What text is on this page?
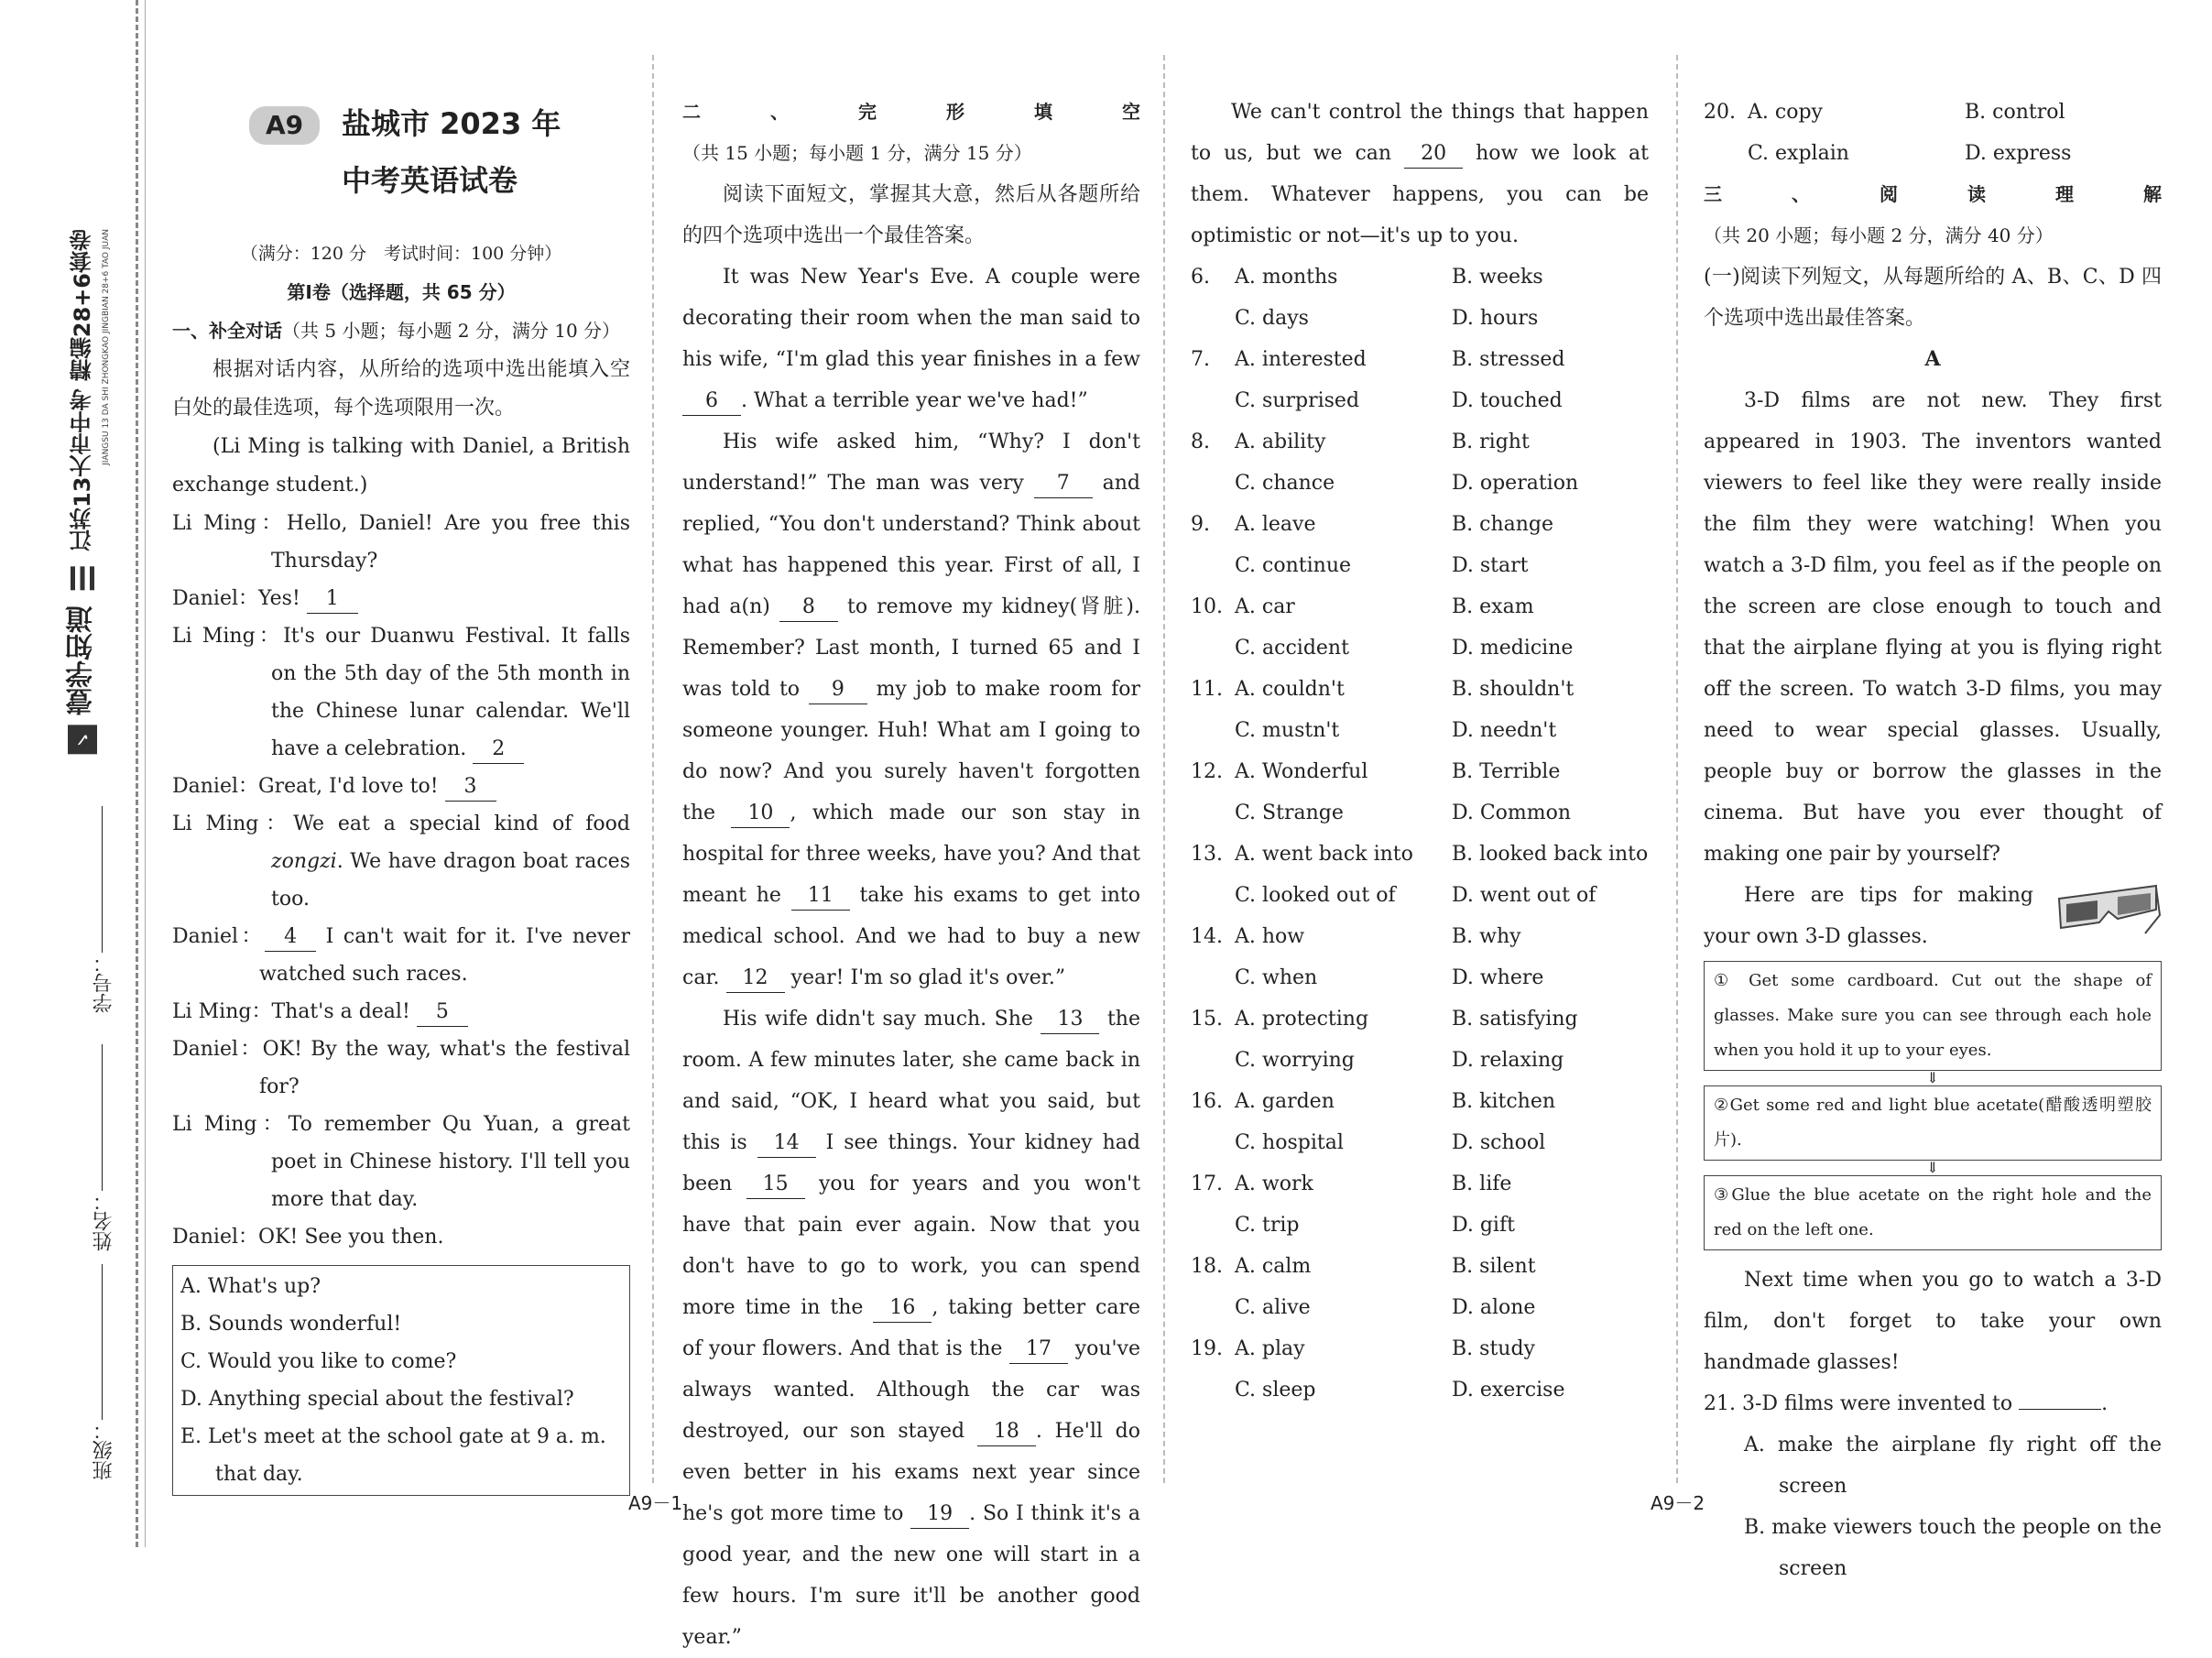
✓ 壹学知道  江苏13大市中考 精编28+6套卷 JIANGSU 13 DA SHI ZHONGKAO JINGBIAN 28+6 TAO JUAN
学号：
姓名：
班级：
A9	盐城市 2023 年
中考英语试卷

（满分：120 分　考试时间：100 分钟）

第Ⅰ卷（选择题，共 65 分）

一、补全对话（共 5 小题；每小题 2 分，满分 10 分）

根据对话内容，从所给的选项中选出能填入空白处的最佳选项，每个选项限用一次。

(Li Ming is talking with Daniel, a British exchange student.)

Li Ming：Hello, Daniel! Are you free this Thursday?

Daniel：Yes! 1

Li Ming：It's our Duanwu Festival. It falls on the 5th day of the 5th month in the Chinese lunar calendar. We'll have a celebration. 2

Daniel：Great, I'd love to! 3

Li Ming：We eat a special kind of food zongzi. We have dragon boat races too.

Daniel： 4 I can't wait for it. I've never watched such races.

Li Ming：That's a deal! 5

Daniel：OK! By the way, what's the festival for?

Li Ming：To remember Qu Yuan, a great poet in Chinese history. I'll tell you more that day.

Daniel：OK! See you then.

A. What's up?
B. Sounds wonderful!
C. Would you like to come?
D. Anything special about the festival?
E. Let's meet at the school gate at 9 a. m. that day.

二、完形填空（共 15 小题；每小题 1 分，满分 15 分）

阅读下面短文，掌握其大意，然后从各题所给的四个选项中选出一个最佳答案。

It was New Year's Eve. A couple were decorating their room when the man said to his wife, “I'm glad this year finishes in a few 6 . What a terrible year we've had!”

His wife asked him, “Why? I don't understand!” The man was very 7 and replied, “You don't understand? Think about what has happened this year. First of all, I had a(n) 8 to remove my kidney(肾脏). Remember? Last month, I turned 65 and I was told to 9 my job to make room for someone younger. Huh! What am I going to do now? And you surely haven't forgotten the 10 , which made our son stay in hospital for three weeks, have you? And that meant he 11 take his exams to get into medical school. And we had to buy a new car. 12 year! I'm so glad it's over.”

His wife didn't say much. She 13 the room. A few minutes later, she came back in and said, “OK, I heard what you said, but this is 14 I see things. Your kidney had been 15 you for years and you won't have that pain ever again. Now that you don't have to go to work, you can spend more time in the 16 , taking better care of your flowers. And that is the 17 you've always wanted. Although the car was destroyed, our son stayed 18 . He'll do even better in his exams next year since he's got more time to 19 . So I think it's a good year, and the new one will start in a few hours. I'm sure it'll be another good year.”

We can't control the things that happen to us, but we can 20 how we look at them. Whatever happens, you can be optimistic or not—it's up to you.

6.	A. months	B. weeks
C. days	D. hours
7.	A. interested	B. stressed
C. surprised	D. touched
8.	A. ability	B. right
C. chance	D. operation
9.	A. leave	B. change
C. continue	D. start
10. A. car	B. exam
C. accident	D. medicine
11. A. couldn't	B. shouldn't
C. mustn't	D. needn't
12. A. Wonderful	B. Terrible
C. Strange	D. Common
13. A. went back into	B. looked back into
C. looked out of	D. went out of
14. A. how	B. why
C. when	D. where
15. A. protecting	B. satisfying
C. worrying	D. relaxing
16. A. garden	B. kitchen
C. hospital	D. school
17. A. work	B. life
C. trip	D. gift
18. A. calm	B. silent
C. alive	D. alone
19. A. play	B. study
C. sleep	D. exercise
20. A. copy	B. control
C. explain	D. express

三、阅读理解（共 20 小题；每小题 2 分，满分 40 分）

(一)阅读下列短文，从每题所给的 A、B、C、D 四个选项中选出最佳答案。

A

3-D films are not new. They first appeared in 1903. The inventors wanted viewers to feel like they were really inside the film they were watching! When you watch a 3-D film, you feel as if the people on the screen are close enough to touch and that the airplane flying at you is flying right off the screen. To watch 3-D films, you may need to wear special glasses. Usually, people buy or borrow the glasses in the cinema. But have you ever thought of making one pair by yourself?

Here are tips for making your own 3-D glasses.

① Get some cardboard. Cut out the shape of glasses. Make sure you can see through each hole when you hold it up to your eyes.
⇓
②Get some red and light blue acetate(醋酸透明塑胶片).
⇓
③Glue the blue acetate on the right hole and the red on the left one.

Next time when you go to watch a 3-D film, don't forget to take your own handmade glasses!

21. 3-D films were invented to	.

A. make the airplane fly right off the screen

B. make viewers touch the people on the screen

A9－1	A9－2
